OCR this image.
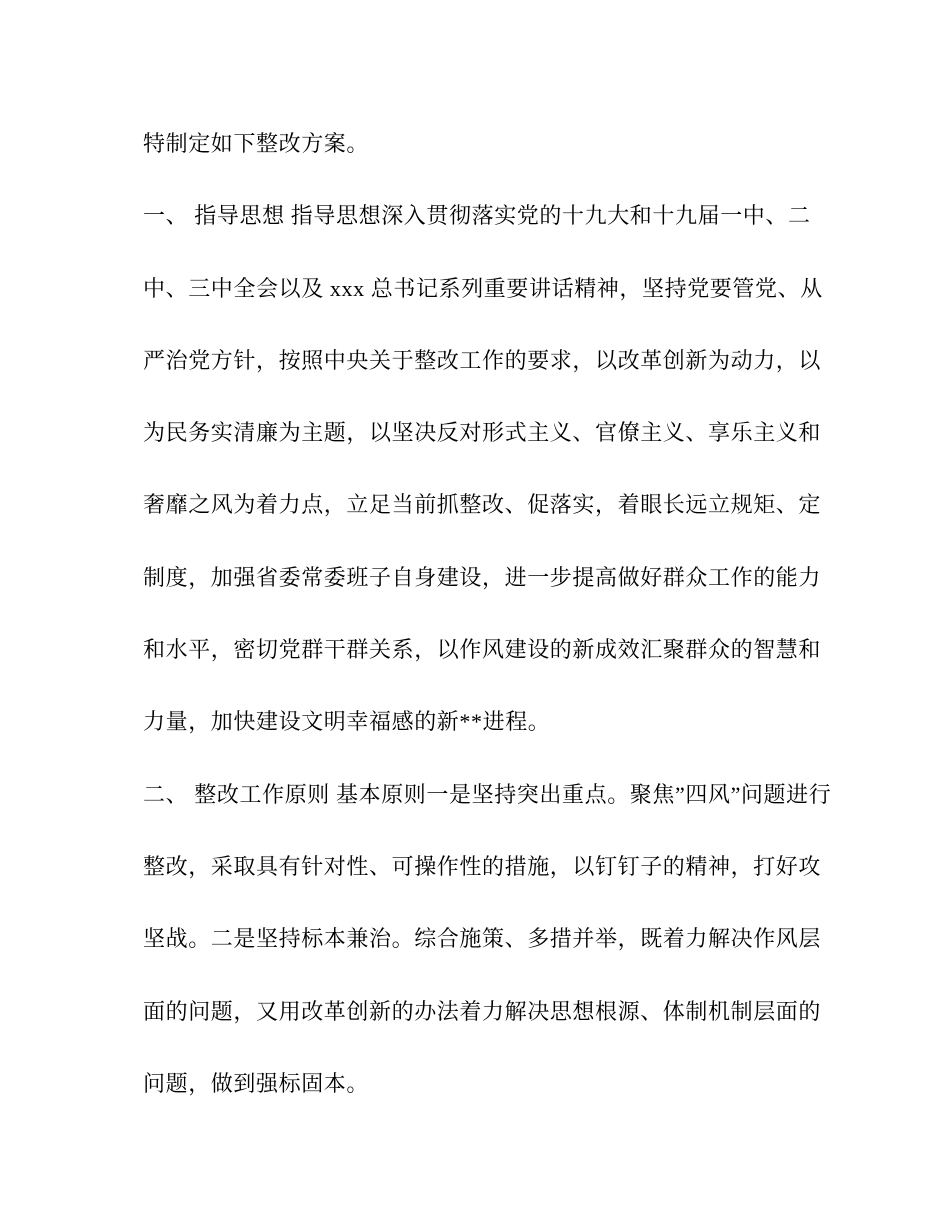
特制定如下整改方案。
一、 指导思想 指导思想深入贯彻落实党的十九大和十九届一中、二
中、三中全会以及 xxx 总书记系列重要讲话精神，坚持党要管党、从
严治党方针，按照中央关于整改工作的要求，以改革创新为动力，以
为民务实清廉为主题，以坚决反对形式主义、官僚主义、享乐主义和
奢靡之风为着力点，立足当前抓整改、促落实，着眼长远立规矩、定
制度，加强省委常委班子自身建设，进一步提高做好群众工作的能力
和水平，密切党群干群关系，以作风建设的新成效汇聚群众的智慧和
力量，加快建设文明幸福感的新**进程。
二、 整改工作原则 基本原则一是坚持突出重点。聚焦”四风”问题进行
整改，采取具有针对性、可操作性的措施，以钉钉子的精神，打好攻
坚战。二是坚持标本兼治。综合施策、多措并举，既着力解决作风层
面的问题，又用改革创新的办法着力解决思想根源、体制机制层面的
问题，做到强标固本。
